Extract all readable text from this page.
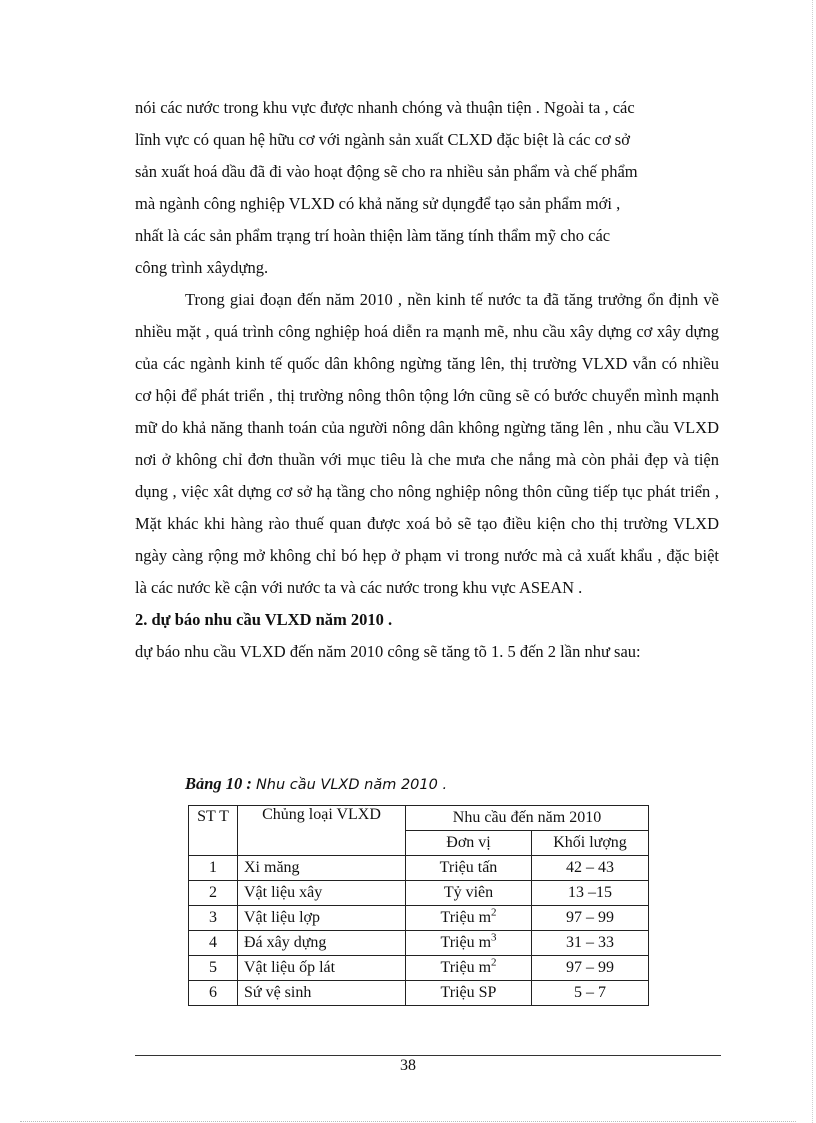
nói các nước trong khu vực được nhanh chóng và thuận tiện . Ngoài ta , các

lĩnh vực có quan hệ hữu cơ với ngành sản xuất CLXD đặc biệt là các cơ sở

sản xuất hoá dầu đã đi vào hoạt động sẽ cho ra nhiều sản phẩm và chế phẩm

mà ngành công nghiệp VLXD có khả năng sử dụngđể tạo sản phẩm mới ,

nhất là các sản phẩm trạng trí hoàn thiện làm tăng tính thẩm mỹ cho các

công trình xâydựng.

Trong giai đoạn đến năm 2010 , nền kinh tế nước ta đã tăng trưởng ổn định về nhiều mặt , quá trình công nghiệp hoá diễn ra mạnh mẽ, nhu cầu xây dựng cơ xây dựng của các ngành kinh tế quốc dân không ngừng tăng lên, thị trường VLXD vẫn có nhiều cơ hội để phát triển , thị trường nông thôn tộng lớn cũng sẽ có bước chuyển mình mạnh mữ do khả năng thanh toán của người nông dân không ngừng tăng lên , nhu cầu VLXD nơi ở không chỉ đơn thuần với mục tiêu là che mưa che nắng mà còn phải đẹp và tiện dụng , việc xât dựng cơ sở hạ tầng cho nông nghiệp nông thôn cũng tiếp tục phát triển , Mặt khác khi hàng rào thuế quan được xoá bỏ sẽ tạo điều kiện cho thị trường VLXD ngày càng rộng mở không chỉ bó hẹp ở phạm vi trong nước mà cả xuất khẩu , đặc biệt là các nước kề cận với nước ta và các nước trong khu vực ASEAN .

2. dự báo nhu cầu VLXD năm 2010 .

dự báo nhu cầu VLXD đến năm 2010 công sẽ tăng tõ 1. 5 đến 2 lần như sau:

Bảng 10 : Nhu cầu VLXD năm 2010 .
ST T	Chủng loại VLXD	Nhu cầu đến năm 2010	
		Đơn vị	Khối lượng
1	Xi măng	Triệu tấn	42 – 43
2	Vật liệu xây	Tỷ viên	13 –15
3	Vật liệu lợp	Triệu $m^2$	97 – 99
4	Đá xây dựng	Triệu $m^3$	31 – 33
5	Vật liệu ốp lát	Triệu $m^2$	97 – 99
6	Sứ vệ sinh	Triệu SP	5 – 7
38
